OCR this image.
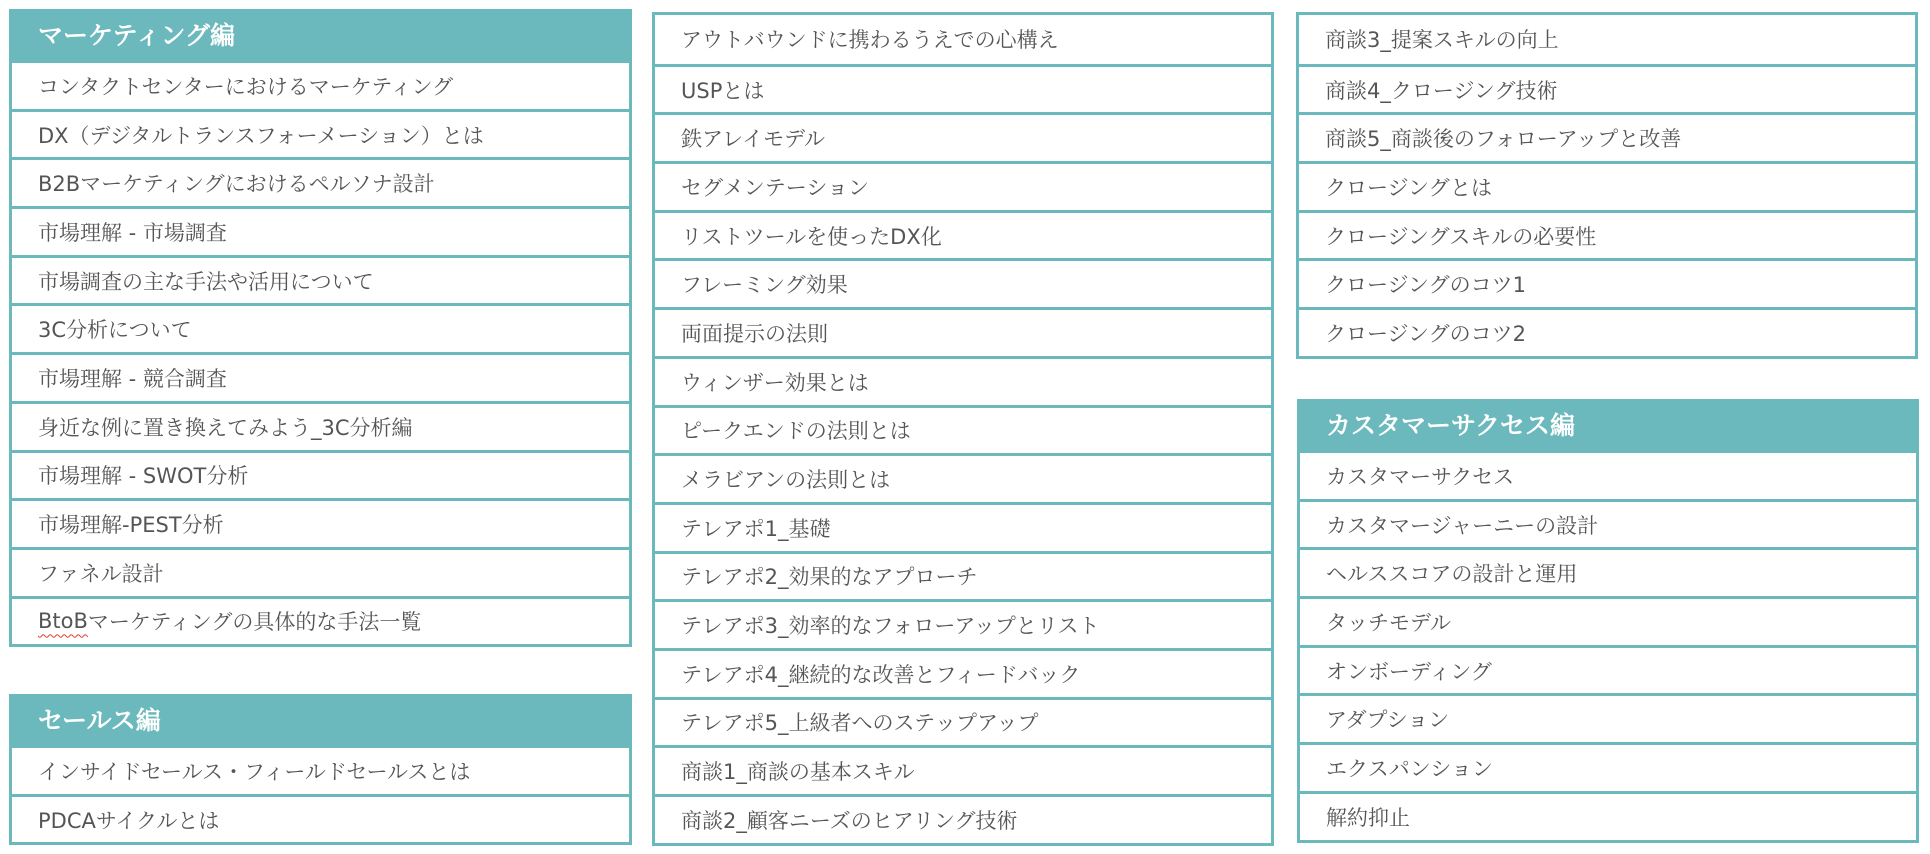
マーケティング編
コンタクトセンターにおけるマーケティング
DX（デジタルトランスフォーメーション）とは
B2Bマーケティングにおけるペルソナ設計
市場理解 - 市場調査
市場調査の主な手法や活用について
3C分析について
市場理解 - 競合調査
身近な例に置き換えてみよう_3C分析編
市場理解 - SWOT分析
市場理解-PEST分析
ファネル設計
BtoB マーケティングの具体的な手法一覧
セールス編
インサイドセールス・フィールドセールスとは
PDCAサイクルとは
アウトバウンドに携わるうえでの心構え
USPとは
鉄アレイモデル
セグメンテーション
リストツールを使ったDX化
フレーミング効果
両面提示の法則
ウィンザー効果とは
ピークエンドの法則とは
メラビアンの法則とは
テレアポ1_基礎
テレアポ2_効果的なアプローチ
テレアポ3_効率的なフォローアップとリスト
テレアポ4_継続的な改善とフィードバック
テレアポ5_上級者へのステップアップ
商談1_商談の基本スキル
商談2_顧客ニーズのヒアリング技術
商談3_提案スキルの向上
商談4_クロージング技術
商談5_商談後のフォローアップと改善
クロージングとは
クロージングスキルの必要性
クロージングのコツ1
クロージングのコツ2
カスタマーサクセス編
カスタマーサクセス
カスタマージャーニーの設計
ヘルススコアの設計と運用
タッチモデル
オンボーディング
アダプション
エクスパンション
解約抑止
